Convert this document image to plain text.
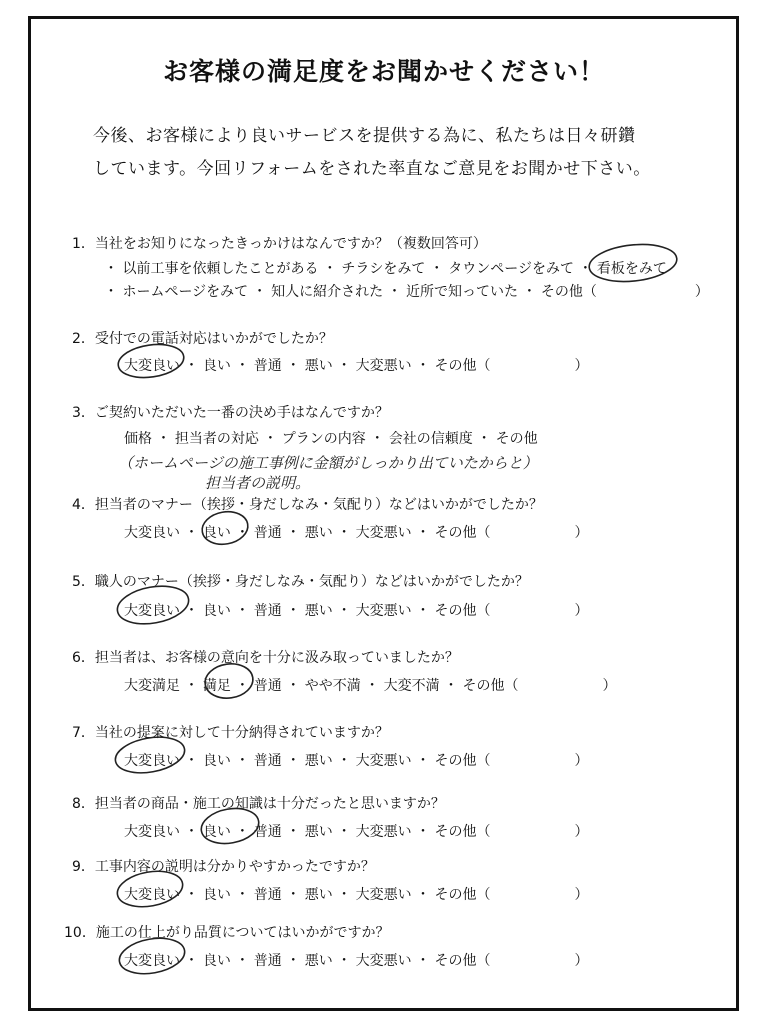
お客様の満足度をお聞かせください！
今後、お客様により良いサービスを提供する為に、私たちは日々研鑽
しています。今回リフォームをされた率直なご意見をお聞かせ下さい。
1．当社をお知りになったきっかけはなんですか？（複数回答可）
・ 以前工事を依頼したことがある ・ チラシをみて ・ タウンページをみて ・ 看板をみて
・ ホームページをみて ・ 知人に紹介された ・ 近所で知っていた ・ その他（　　　　　　　）
2．受付での電話対応はいかがでしたか？
大変良い ・ 良い ・ 普通 ・ 悪い ・ 大変悪い ・ その他（　　　　　　）
3．ご契約いただいた一番の決め手はなんですか？
価格 ・ 担当者の対応 ・ プランの内容 ・ 会社の信頼度 ・ その他
（ホームページの施工事例に金額がしっかり出ていたからと）
担当者の説明。
4．担当者のマナー（挨拶・身だしなみ・気配り）などはいかがでしたか？
大変良い ・ 良い ・ 普通 ・ 悪い ・ 大変悪い ・ その他（　　　　　　）
5．職人のマナー（挨拶・身だしなみ・気配り）などはいかがでしたか？
大変良い ・ 良い ・ 普通 ・ 悪い ・ 大変悪い ・ その他（　　　　　　）
6．担当者は、お客様の意向を十分に汲み取っていましたか？
大変満足 ・ 満足 ・ 普通 ・ やや不満 ・ 大変不満 ・ その他（　　　　　　）
7．当社の提案に対して十分納得されていますか？
大変良い ・ 良い ・ 普通 ・ 悪い ・ 大変悪い ・ その他（　　　　　　）
8．担当者の商品・施工の知識は十分だったと思いますか？
大変良い ・ 良い ・ 普通 ・ 悪い ・ 大変悪い ・ その他（　　　　　　）
9．工事内容の説明は分かりやすかったですか？
大変良い ・ 良い ・ 普通 ・ 悪い ・ 大変悪い ・ その他（　　　　　　）
10．施工の仕上がり品質についてはいかがですか？
大変良い ・ 良い ・ 普通 ・ 悪い ・ 大変悪い ・ その他（　　　　　　）
